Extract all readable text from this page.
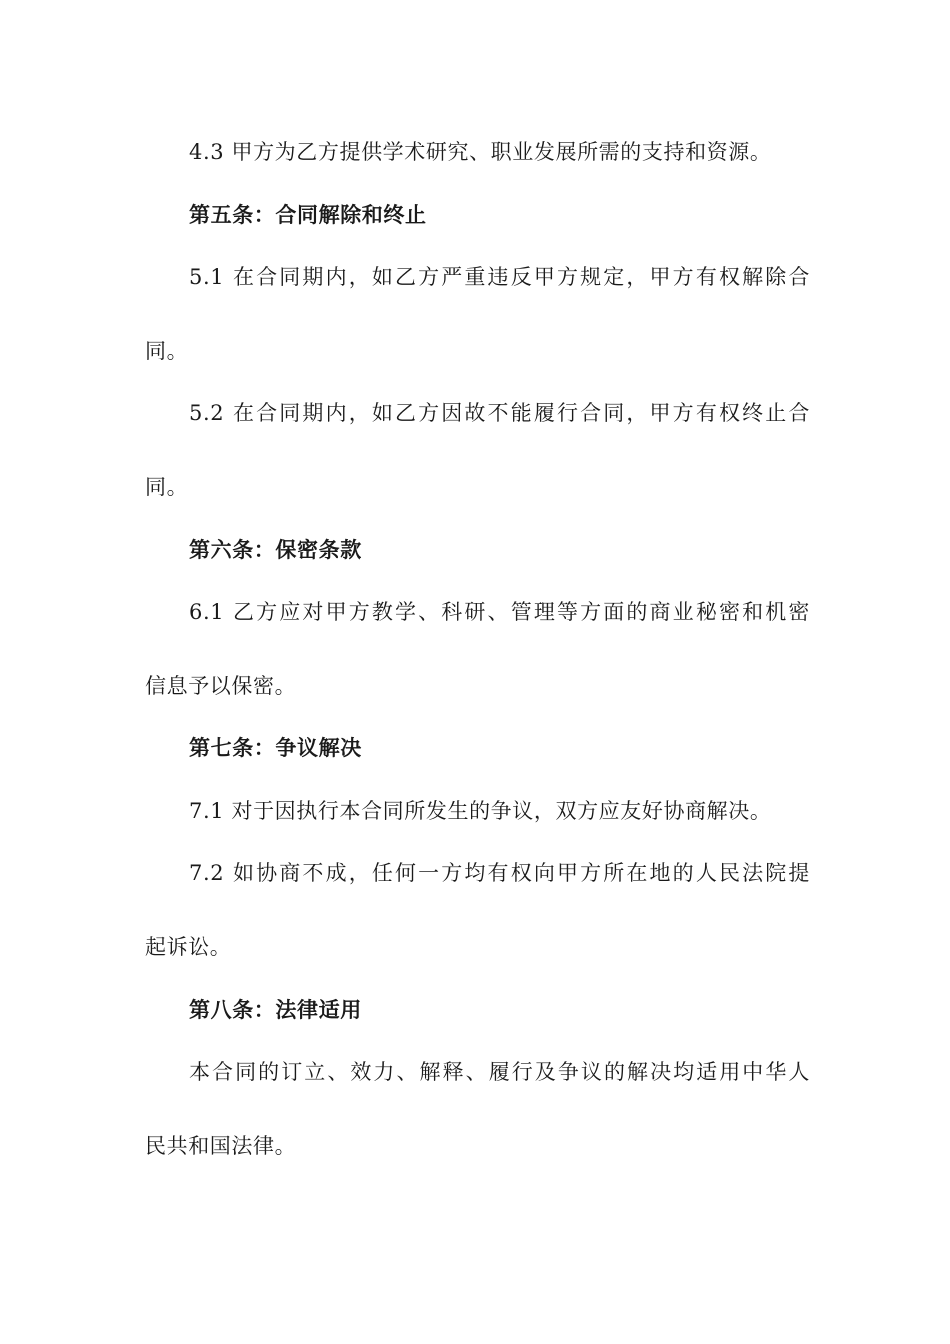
4.3 甲方为乙方提供学术研究、职业发展所需的支持和资源。
第五条：合同解除和终止
5.1 在合同期内，如乙方严重违反甲方规定，甲方有权解除合
同。
5.2 在合同期内，如乙方因故不能履行合同，甲方有权终止合
同。
第六条：保密条款
6.1 乙方应对甲方教学、科研、管理等方面的商业秘密和机密
信息予以保密。
第七条：争议解决
7.1 对于因执行本合同所发生的争议，双方应友好协商解决。
7.2 如协商不成，任何一方均有权向甲方所在地的人民法院提
起诉讼。
第八条：法律适用
本合同的订立、效力、解释、履行及争议的解决均适用中华人
民共和国法律。
